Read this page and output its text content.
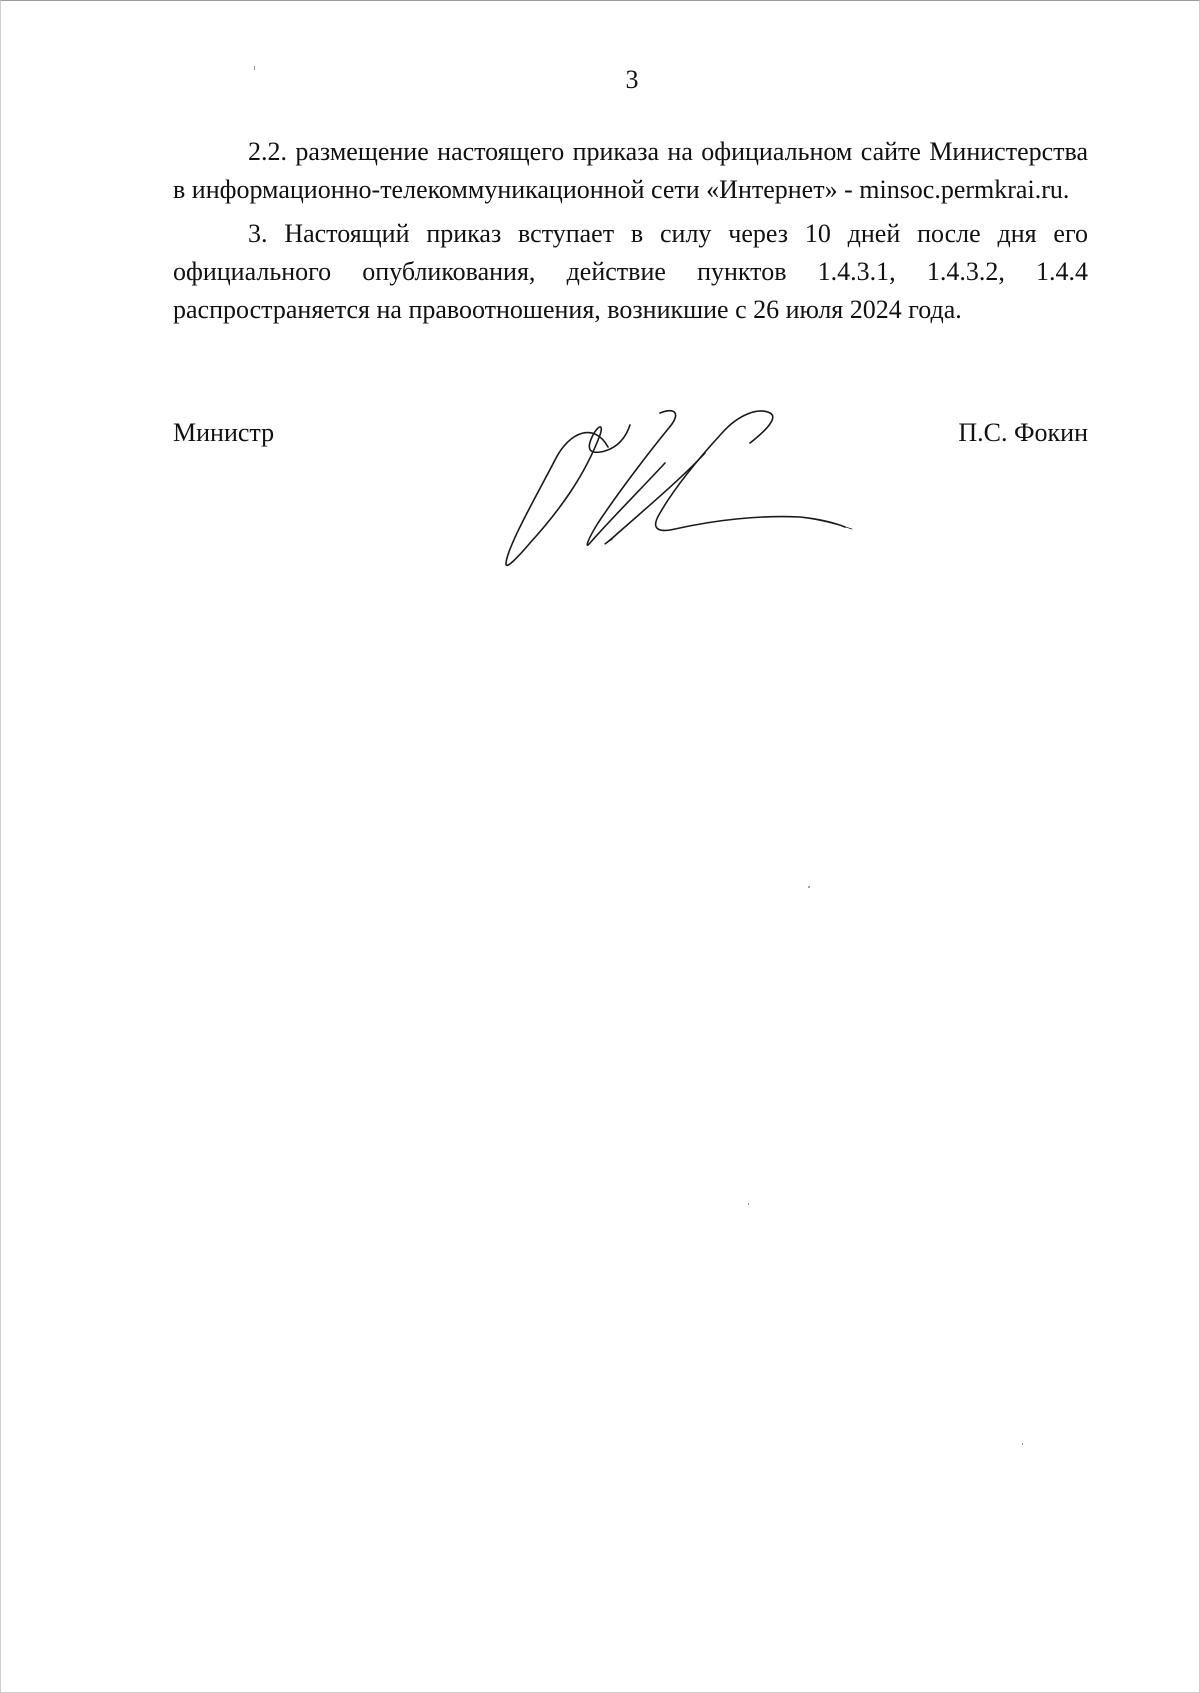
3

2.2. размещение настоящего приказа на официальном сайте Министерства в информационно-телекоммуникационной сети «Интернет» - minsoc.permkrai.ru.

3. Настоящий приказ вступает в силу через 10 дней после дня его официального опубликования, действие пунктов 1.4.3.1, 1.4.3.2, 1.4.4 распространяется на правоотношения, возникшие с 26 июля 2024 года.

Министр	П.С. Фокин
